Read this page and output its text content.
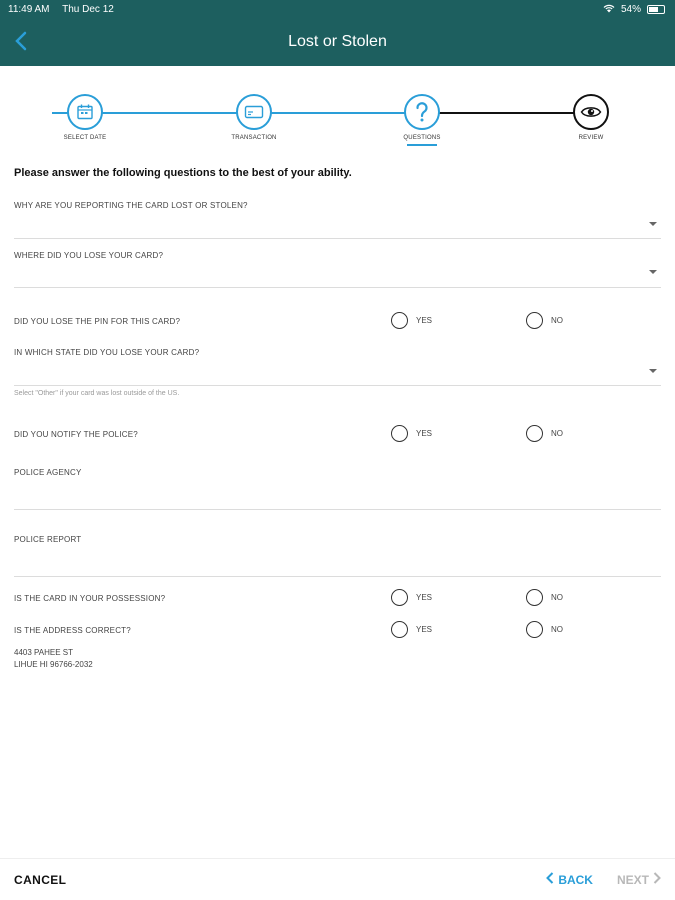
11:49 AM Thu Dec 12	54%
Lost or Stolen
SELECT DATE	TRANSACTION	QUESTIONS	REVIEW
Please answer the following questions to the best of your ability.
WHY ARE YOU REPORTING THE CARD LOST OR STOLEN?
WHERE DID YOU LOSE YOUR CARD?
DID YOU LOSE THE PIN FOR THIS CARD?	YES	NO
IN WHICH STATE DID YOU LOSE YOUR CARD?
Select "Other" if your card was lost outside of the US.
DID YOU NOTIFY THE POLICE?	YES	NO
POLICE AGENCY
POLICE REPORT
IS THE CARD IN YOUR POSSESSION?	YES	NO
IS THE ADDRESS CORRECT?	YES	NO
4403 PAHEE ST
LIHUE HI 96766-2032
CANCEL	BACK NEXT
